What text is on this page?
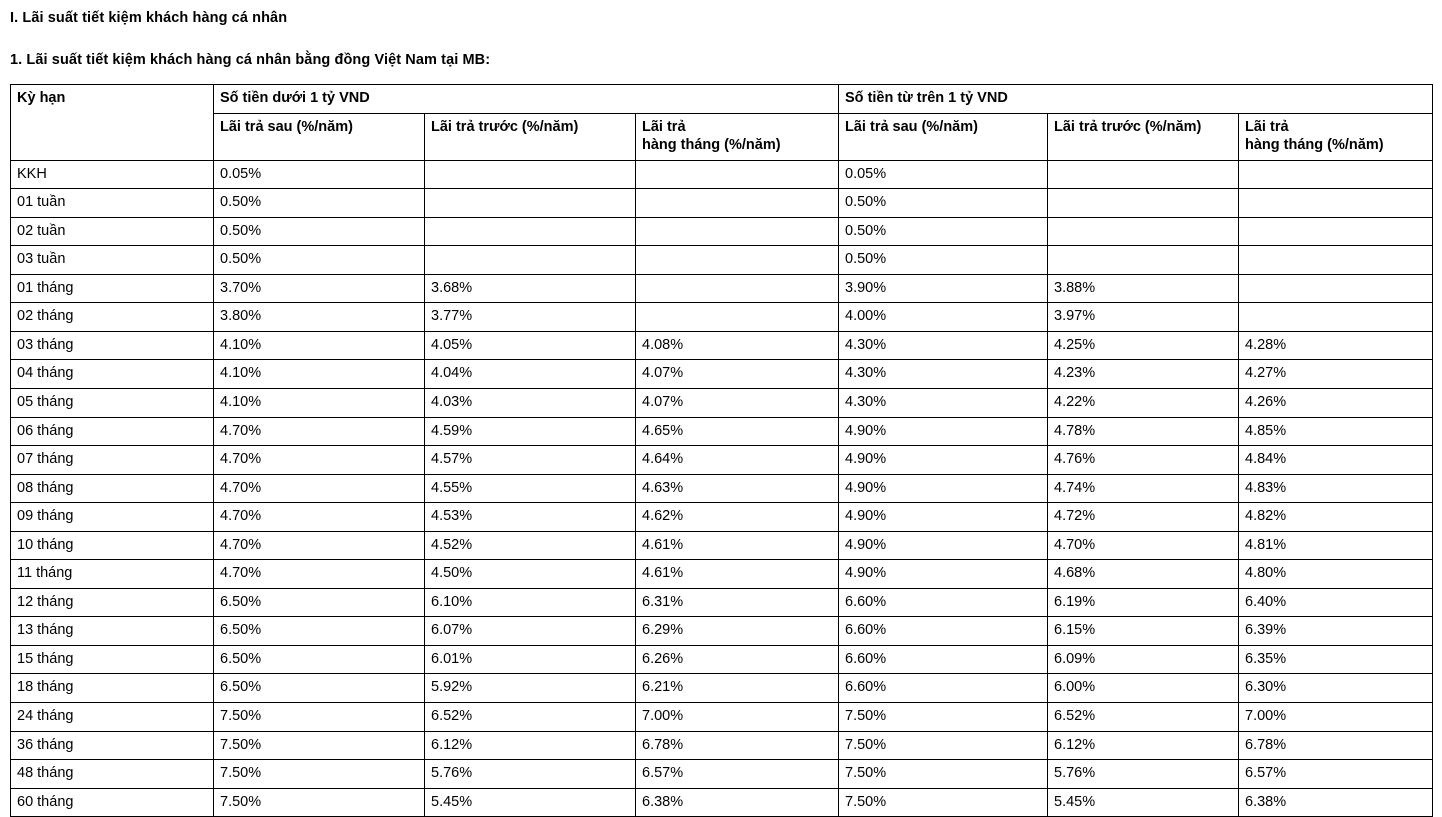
I. Lãi suất tiết kiệm khách hàng cá nhân
1. Lãi suất tiết kiệm khách hàng cá nhân bằng đồng Việt Nam tại MB:
Kỳ hạn	Số tiền dưới 1 tỷ VND			Số tiền từ trên 1 tỷ VND		
	Lãi trả sau (%/năm)	Lãi trả trước (%/năm)	Lãi trả
hàng tháng (%/năm)	Lãi trả sau (%/năm)	Lãi trả trước (%/năm)	Lãi trả
hàng tháng (%/năm)
KKH	0.05%			0.05%		
01 tuần	0.50%			0.50%		
02 tuần	0.50%			0.50%		
03 tuần	0.50%			0.50%		
01 tháng	3.70%	3.68%		3.90%	3.88%	
02 tháng	3.80%	3.77%		4.00%	3.97%	
03 tháng	4.10%	4.05%	4.08%	4.30%	4.25%	4.28%
04 tháng	4.10%	4.04%	4.07%	4.30%	4.23%	4.27%
05 tháng	4.10%	4.03%	4.07%	4.30%	4.22%	4.26%
06 tháng	4.70%	4.59%	4.65%	4.90%	4.78%	4.85%
07 tháng	4.70%	4.57%	4.64%	4.90%	4.76%	4.84%
08 tháng	4.70%	4.55%	4.63%	4.90%	4.74%	4.83%
09 tháng	4.70%	4.53%	4.62%	4.90%	4.72%	4.82%
10 tháng	4.70%	4.52%	4.61%	4.90%	4.70%	4.81%
11 tháng	4.70%	4.50%	4.61%	4.90%	4.68%	4.80%
12 tháng	6.50%	6.10%	6.31%	6.60%	6.19%	6.40%
13 tháng	6.50%	6.07%	6.29%	6.60%	6.15%	6.39%
15 tháng	6.50%	6.01%	6.26%	6.60%	6.09%	6.35%
18 tháng	6.50%	5.92%	6.21%	6.60%	6.00%	6.30%
24 tháng	7.50%	6.52%	7.00%	7.50%	6.52%	7.00%
36 tháng	7.50%	6.12%	6.78%	7.50%	6.12%	6.78%
48 tháng	7.50%	5.76%	6.57%	7.50%	5.76%	6.57%
60 tháng	7.50%	5.45%	6.38%	7.50%	5.45%	6.38%
